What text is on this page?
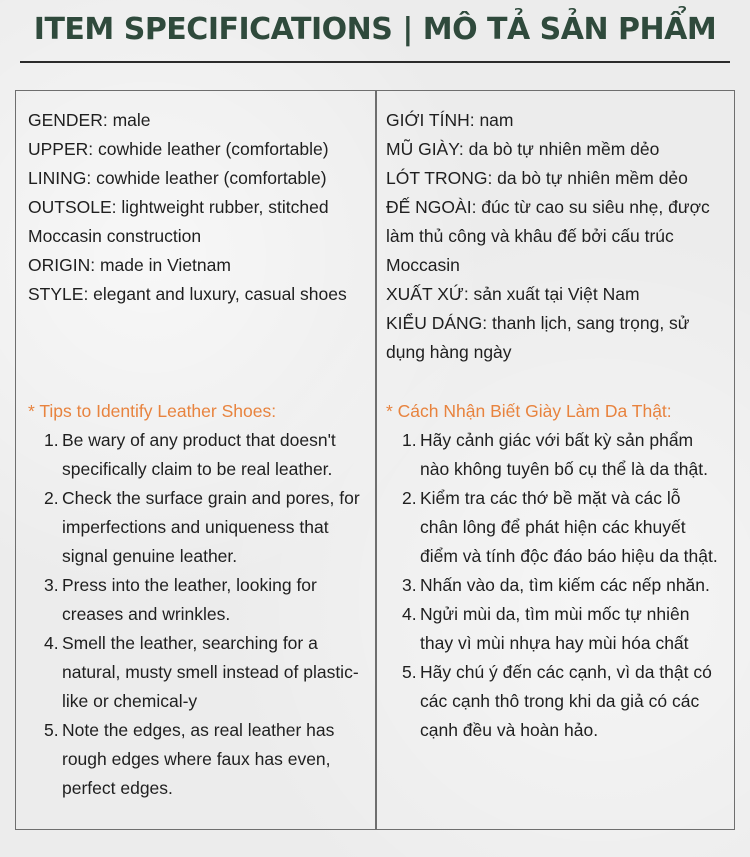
ITEM SPECIFICATIONS | MÔ TẢ SẢN PHẨM
GENDER: male
UPPER: cowhide leather (comfortable)
LINING: cowhide leather (comfortable)
OUTSOLE: lightweight rubber, stitched
Moccasin construction
ORIGIN: made in Vietnam
STYLE: elegant and luxury, casual shoes
GIỚI TÍNH: nam
MŨ GIÀY: da bò tự nhiên mềm dẻo
LÓT TRONG: da bò tự nhiên mềm dẻo
ĐẾ NGOÀI: đúc từ cao su siêu nhẹ, được
làm thủ công và khâu đế bởi cấu trúc
Moccasin
XUẤT XỨ: sản xuất tại Việt Nam
KIỂU DÁNG: thanh lịch, sang trọng, sử
dụng hàng ngày
* Tips to Identify Leather Shoes:	* Cách Nhận Biết Giày Làm Da Thật:
1. Be wary of any product that doesn't
specifically claim to be real leather.
2. Check the surface grain and pores, for
imperfections and uniqueness that
signal genuine leather.
3. Press into the leather, looking for
creases and wrinkles.
4. Smell the leather, searching for a
natural, musty smell instead of plastic-
like or chemical-y
5. Note the edges, as real leather has
rough edges where faux has even,
perfect edges.
1. Hãy cảnh giác với bất kỳ sản phẩm
nào không tuyên bố cụ thể là da thật.
2. Kiểm tra các thớ bề mặt và các lỗ
chân lông để phát hiện các khuyết
điểm và tính độc đáo báo hiệu da thật.
3. Nhấn vào da, tìm kiếm các nếp nhăn.
4. Ngửi mùi da, tìm mùi mốc tự nhiên
thay vì mùi nhựa hay mùi hóa chất
5. Hãy chú ý đến các cạnh, vì da thật có
các cạnh thô trong khi da giả có các
cạnh đều và hoàn hảo.
